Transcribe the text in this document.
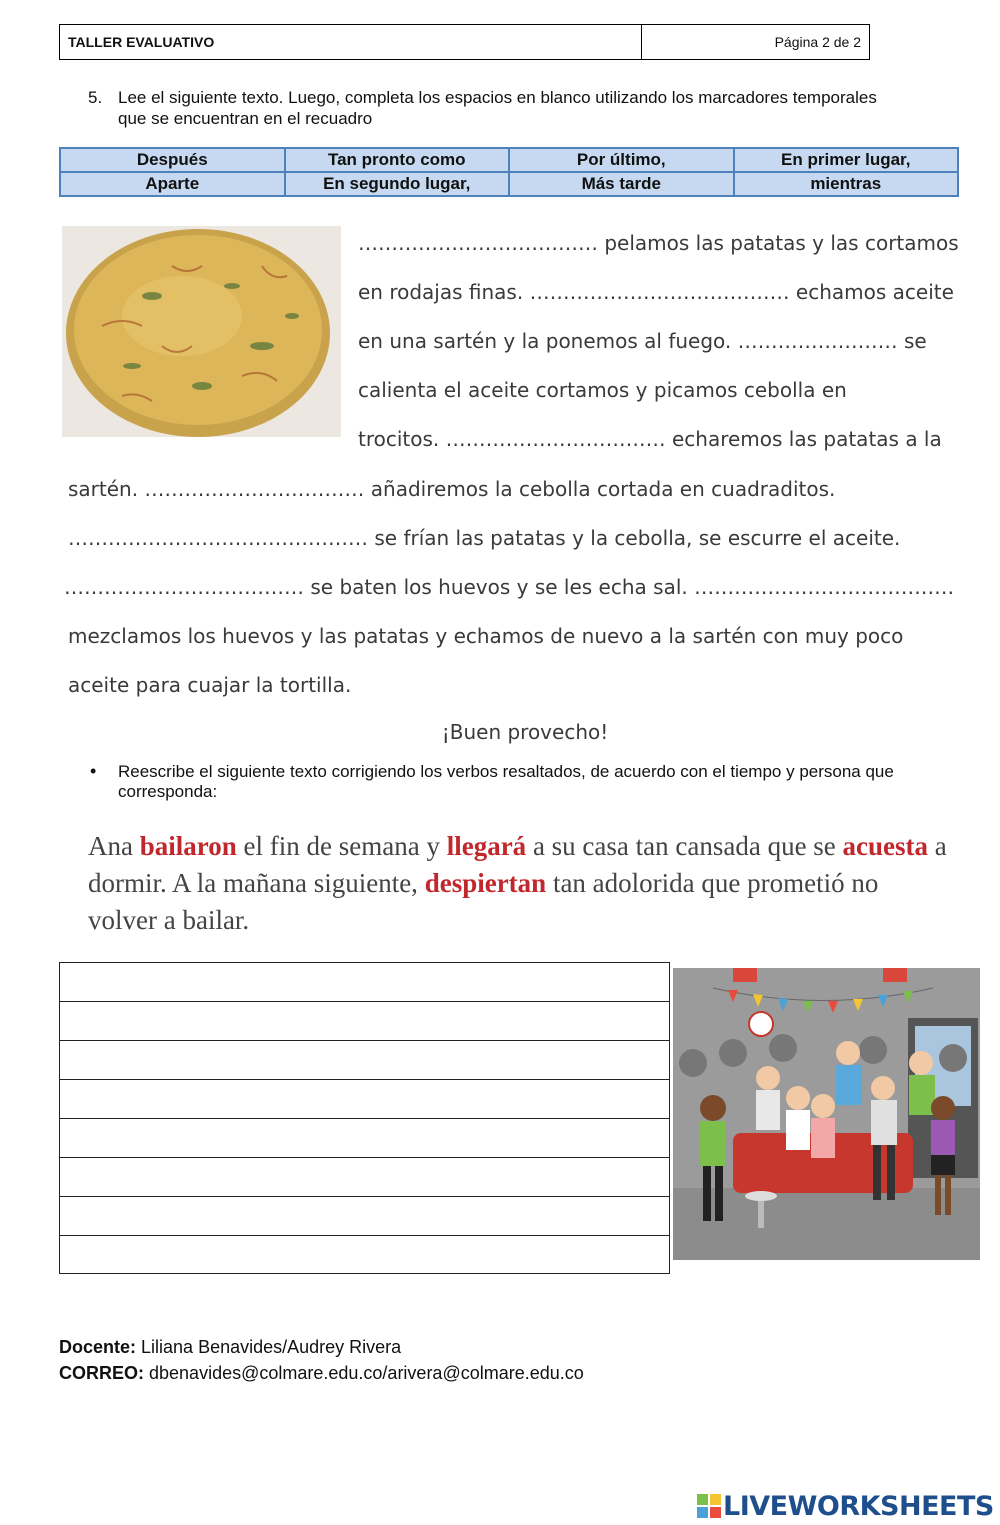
TALLER EVALUATIVO	Página 2 de 2
5. Lee el siguiente texto. Luego, completa los espacios en blanco utilizando los marcadores temporales que se encuentran en el recuadro
Después	Tan pronto como	Por último,	En primer lugar,
Aparte	En segundo lugar,	Más tarde	mientras
……………………………… pelamos las patatas y las cortamos
en rodajas finas. ………………………………… echamos aceite
en una sartén y la ponemos al fuego. …………………… se
calienta el aceite cortamos y picamos cebolla en
trocitos. …………………………… echaremos las patatas a la
sartén. …………………………… añadiremos la cebolla cortada en cuadraditos.
……………………………………… se frían las patatas y la cebolla, se escurre el aceite.
……………………………… se baten los huevos y se les echa sal. …………………………………
mezclamos los huevos y las patatas y echamos de nuevo a la sartén con muy poco
aceite para cuajar la tortilla.
¡Buen provecho!
• Reescribe el siguiente texto corrigiendo los verbos resaltados, de acuerdo con el tiempo y persona que corresponda:
Ana bailaron el fin de semana y llegará a su casa tan cansada que se acuesta a dormir. A la mañana siguiente, despiertan tan adolorida que prometió no volver a bailar.
Docente: Liliana Benavides/Audrey Rivera
CORREO: dbenavides@colmare.edu.co/arivera@colmare.edu.co
LIVEWORKSHEETS
